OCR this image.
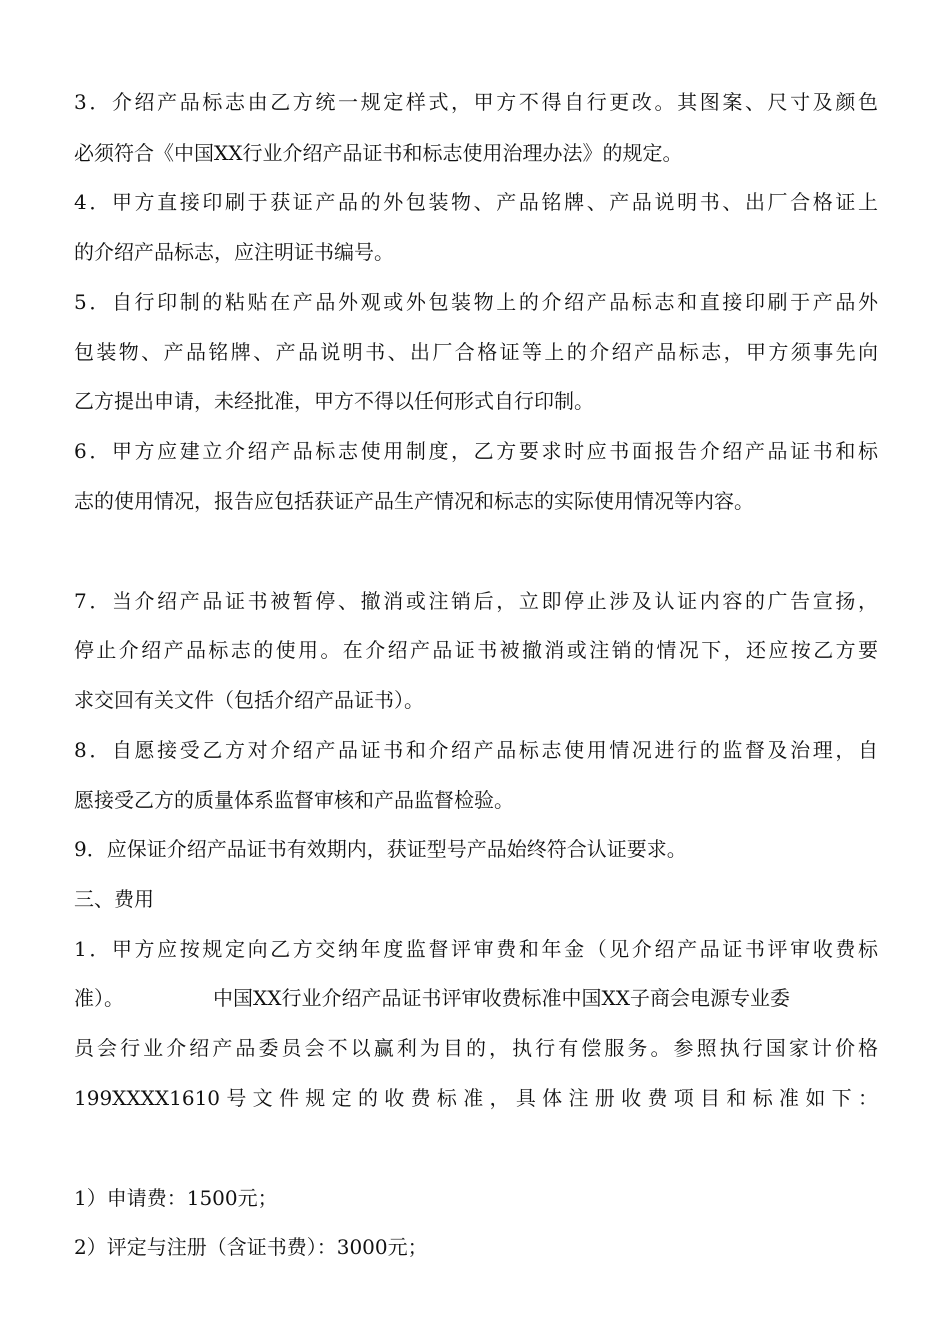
3．介绍产品标志由乙方统一规定样式，甲方不得自行更改。其图案、尺寸及颜色
必须符合《中国XX行业介绍产品证书和标志使用治理办法》的规定。
4．甲方直接印刷于获证产品的外包装物、产品铭牌、产品说明书、出厂合格证上
的介绍产品标志，应注明证书编号。
5．自行印制的粘贴在产品外观或外包装物上的介绍产品标志和直接印刷于产品外
包装物、产品铭牌、产品说明书、出厂合格证等上的介绍产品标志，甲方须事先向
乙方提出申请，未经批准，甲方不得以任何形式自行印制。
6．甲方应建立介绍产品标志使用制度，乙方要求时应书面报告介绍产品证书和标
志的使用情况，报告应包括获证产品生产情况和标志的实际使用情况等内容。
7．当介绍产品证书被暂停、撤消或注销后，立即停止涉及认证内容的广告宣扬，
停止介绍产品标志的使用。在介绍产品证书被撤消或注销的情况下，还应按乙方要
求交回有关文件（包括介绍产品证书）。
8．自愿接受乙方对介绍产品证书和介绍产品标志使用情况进行的监督及治理，自
愿接受乙方的质量体系监督审核和产品监督检验。
9．应保证介绍产品证书有效期内，获证型号产品始终符合认证要求。
三、费用
1．甲方应按规定向乙方交纳年度监督评审费和年金（见介绍产品证书评审收费标
准）。              中国XX行业介绍产品证书评审收费标准中国XX子商会电源专业委
员会行业介绍产品委员会不以赢利为目的，执行有偿服务。参照执行国家计价格
199XXXX1610号文件规定的收费标准，具体注册收费项目和标准如下：
1）申请费：1500元；
2）评定与注册（含证书费）：3000元；
